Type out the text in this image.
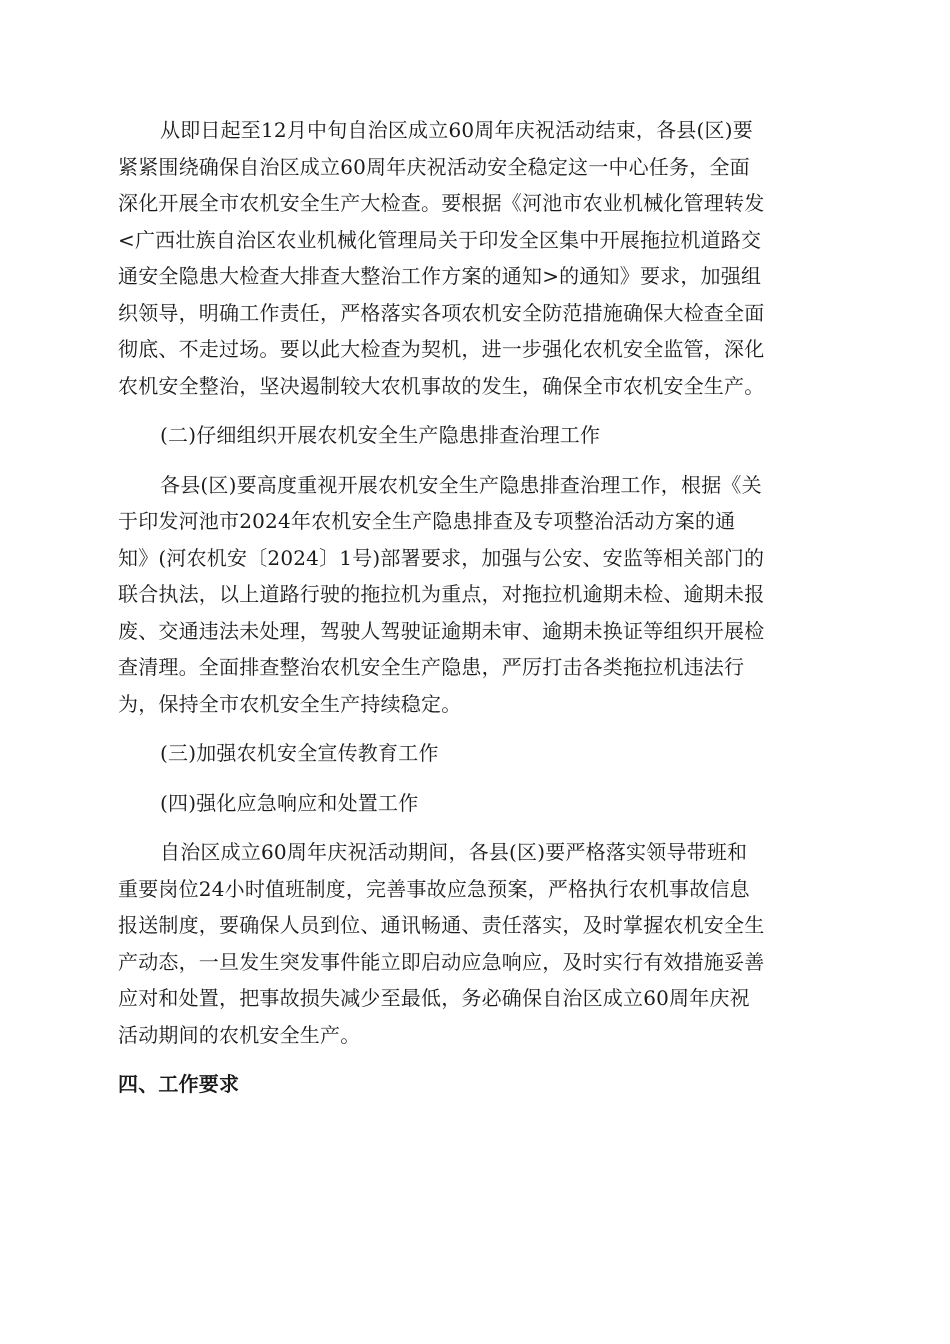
从即日起至12月中旬自治区成立60周年庆祝活动结束，各县(区)要
紧紧围绕确保自治区成立60周年庆祝活动安全稳定这一中心任务，全面
深化开展全市农机安全生产大检查。要根据《河池市农业机械化管理转发
<广西壮族自治区农业机械化管理局关于印发全区集中开展拖拉机道路交
通安全隐患大检查大排查大整治工作方案的通知>的通知》要求，加强组
织领导，明确工作责任，严格落实各项农机安全防范措施确保大检查全面
彻底、不走过场。要以此大检查为契机，进一步强化农机安全监管，深化
农机安全整治，坚决遏制较大农机事故的发生，确保全市农机安全生产。

(二)仔细组织开展农机安全生产隐患排查治理工作

各县(区)要高度重视开展农机安全生产隐患排查治理工作，根据《关
于印发河池市2024年农机安全生产隐患排查及专项整治活动方案的通
知》(河农机安〔2024〕1号)部署要求，加强与公安、安监等相关部门的
联合执法，以上道路行驶的拖拉机为重点，对拖拉机逾期未检、逾期未报
废、交通违法未处理，驾驶人驾驶证逾期未审、逾期未换证等组织开展检
查清理。全面排查整治农机安全生产隐患，严厉打击各类拖拉机违法行
为，保持全市农机安全生产持续稳定。

(三)加强农机安全宣传教育工作

(四)强化应急响应和处置工作

自治区成立60周年庆祝活动期间，各县(区)要严格落实领导带班和
重要岗位24小时值班制度，完善事故应急预案，严格执行农机事故信息
报送制度，要确保人员到位、通讯畅通、责任落实，及时掌握农机安全生
产动态，一旦发生突发事件能立即启动应急响应，及时实行有效措施妥善
应对和处置，把事故损失减少至最低，务必确保自治区成立60周年庆祝
活动期间的农机安全生产。

四、工作要求
